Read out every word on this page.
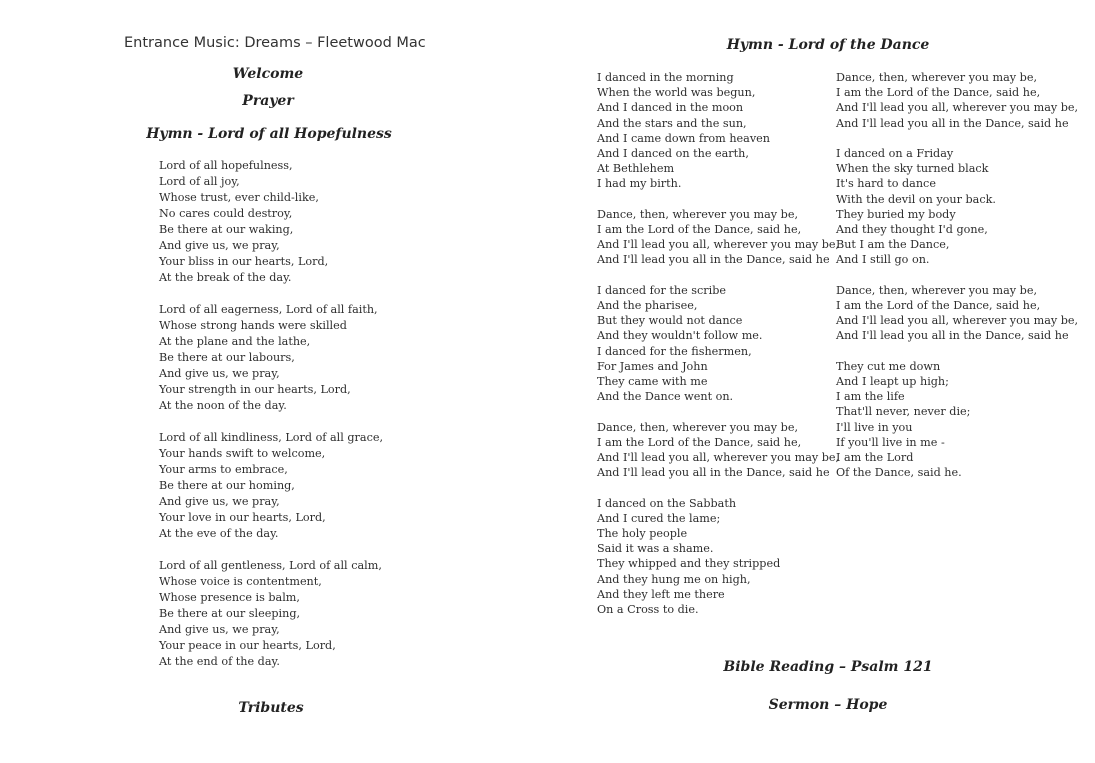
Entrance Music: Dreams – Fleetwood Mac
Welcome
Prayer
Hymn - Lord of all Hopefulness
Lord of all hopefulness,
Lord of all joy,
Whose trust, ever child-like,
No cares could destroy,
Be there at our waking,
And give us, we pray,
Your bliss in our hearts, Lord,
At the break of the day.
Lord of all eagerness, Lord of all faith,
Whose strong hands were skilled
At the plane and the lathe,
Be there at our labours,
And give us, we pray,
Your strength in our hearts, Lord,
At the noon of the day.
Lord of all kindliness, Lord of all grace,
Your hands swift to welcome,
Your arms to embrace,
Be there at our homing,
And give us, we pray,
Your love in our hearts, Lord,
At the eve of the day.
Lord of all gentleness, Lord of all calm,
Whose voice is contentment,
Whose presence is balm,
Be there at our sleeping,
And give us, we pray,
Your peace in our hearts, Lord,
At the end of the day.
Tributes
Hymn - Lord of the Dance
I danced in the morning
When the world was begun,
And I danced in the moon
And the stars and the sun,
And I came down from heaven
And I danced on the earth,
At Bethlehem
I had my birth.
Dance, then, wherever you may be,
I am the Lord of the Dance, said he,
And I'll lead you all, wherever you may be,
And I'll lead you all in the Dance, said he
I danced for the scribe
And the pharisee,
But they would not dance
And they wouldn't follow me.
I danced for the fishermen,
For James and John
They came with me
And the Dance went on.
Dance, then, wherever you may be,
I am the Lord of the Dance, said he,
And I'll lead you all, wherever you may be,
And I'll lead you all in the Dance, said he
I danced on the Sabbath
And I cured the lame;
The holy people
Said it was a shame.
They whipped and they stripped
And they hung me on high,
And they left me there
On a Cross to die.
Dance, then, wherever you may be,
I am the Lord of the Dance, said he,
And I'll lead you all, wherever you may be,
And I'll lead you all in the Dance, said he
I danced on a Friday
When the sky turned black
It's hard to dance
With the devil on your back.
They buried my body
And they thought I'd gone,
But I am the Dance,
And I still go on.
Dance, then, wherever you may be,
I am the Lord of the Dance, said he,
And I'll lead you all, wherever you may be,
And I'll lead you all in the Dance, said he
They cut me down
And I leapt up high;
I am the life
That'll never, never die;
I'll live in you
If you'll live in me -
I am the Lord
Of the Dance, said he.
Bible Reading – Psalm 121
Sermon – Hope
